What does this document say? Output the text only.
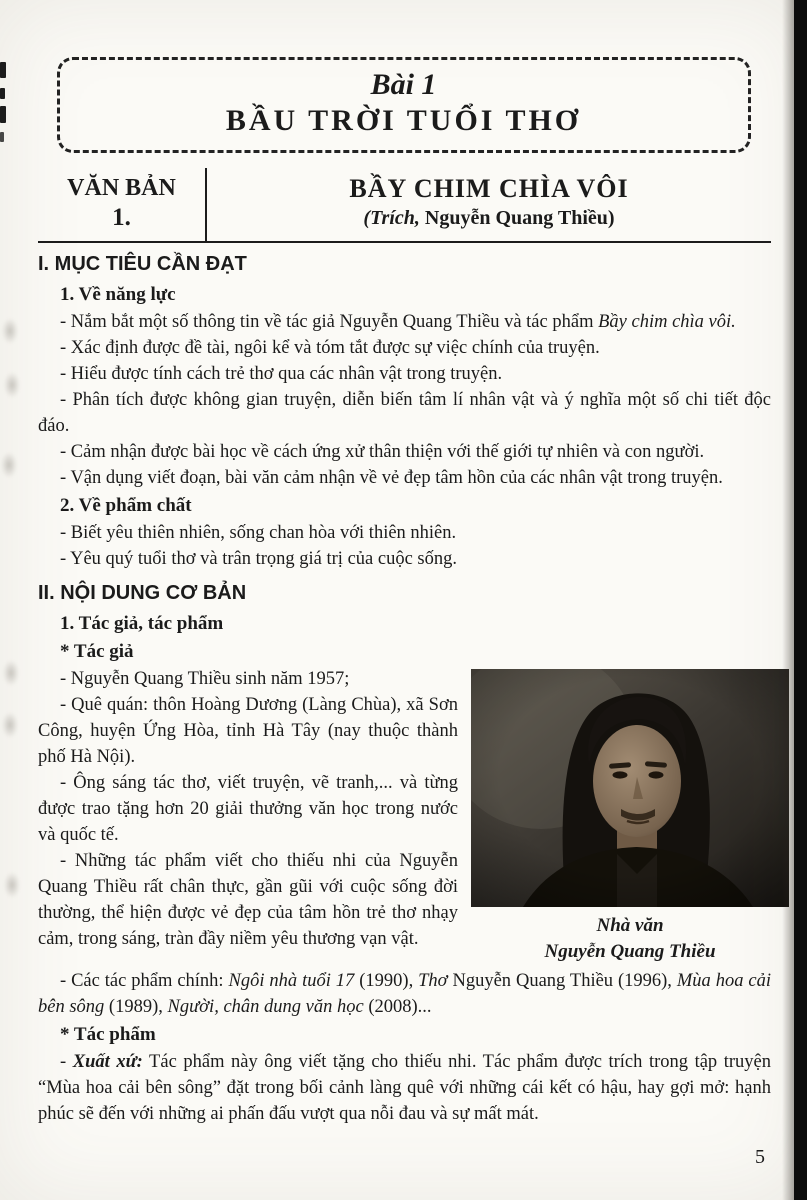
Bài 1
BẦU TRỜI TUỔI THƠ
VĂN BẢN
1.
BẦY CHIM CHÌA VÔI
(Trích, Nguyễn Quang Thiều)
I. MỤC TIÊU CẦN ĐẠT
1. Về năng lực

- Nắm bắt một số thông tin về tác giả Nguyễn Quang Thiều và tác phẩm Bầy chim chìa vôi.

- Xác định được đề tài, ngôi kể và tóm tắt được sự việc chính của truyện.

- Hiểu được tính cách trẻ thơ qua các nhân vật trong truyện.

- Phân tích được không gian truyện, diễn biến tâm lí nhân vật và ý nghĩa một số chi tiết độc đáo.

- Cảm nhận được bài học về cách ứng xử thân thiện với thế giới tự nhiên và con người.

- Vận dụng viết đoạn, bài văn cảm nhận về vẻ đẹp tâm hồn của các nhân vật trong truyện.

2. Về phẩm chất

- Biết yêu thiên nhiên, sống chan hòa với thiên nhiên.

- Yêu quý tuổi thơ và trân trọng giá trị của cuộc sống.

II. NỘI DUNG CƠ BẢN
1. Tác giả, tác phẩm
* Tác giả
Nhà văn
Nguyễn Quang Thiều

- Nguyễn Quang Thiều sinh năm 1957;

- Quê quán: thôn Hoàng Dương (Làng Chùa), xã Sơn Công, huyện Ứng Hòa, tỉnh Hà Tây (nay thuộc thành phố Hà Nội).

- Ông sáng tác thơ, viết truyện, vẽ tranh,... và từng được trao tặng hơn 20 giải thưởng văn học trong nước và quốc tế.

- Những tác phẩm viết cho thiếu nhi của Nguyễn Quang Thiều rất chân thực, gần gũi với cuộc sống đời thường, thể hiện được vẻ đẹp của tâm hồn trẻ thơ nhạy cảm, trong sáng, tràn đầy niềm yêu thương vạn vật.

- Các tác phẩm chính: Ngôi nhà tuổi 17 (1990), Thơ Nguyễn Quang Thiều (1996), Mùa hoa cải bên sông (1989), Người, chân dung văn học (2008)...

* Tác phẩm

- Xuất xứ: Tác phẩm này ông viết tặng cho thiếu nhi. Tác phẩm được trích trong tập truyện “Mùa hoa cải bên sông” đặt trong bối cảnh làng quê với những cái kết có hậu, hay gợi mở: hạnh phúc sẽ đến với những ai phấn đấu vượt qua nỗi đau và sự mất mát.

5
